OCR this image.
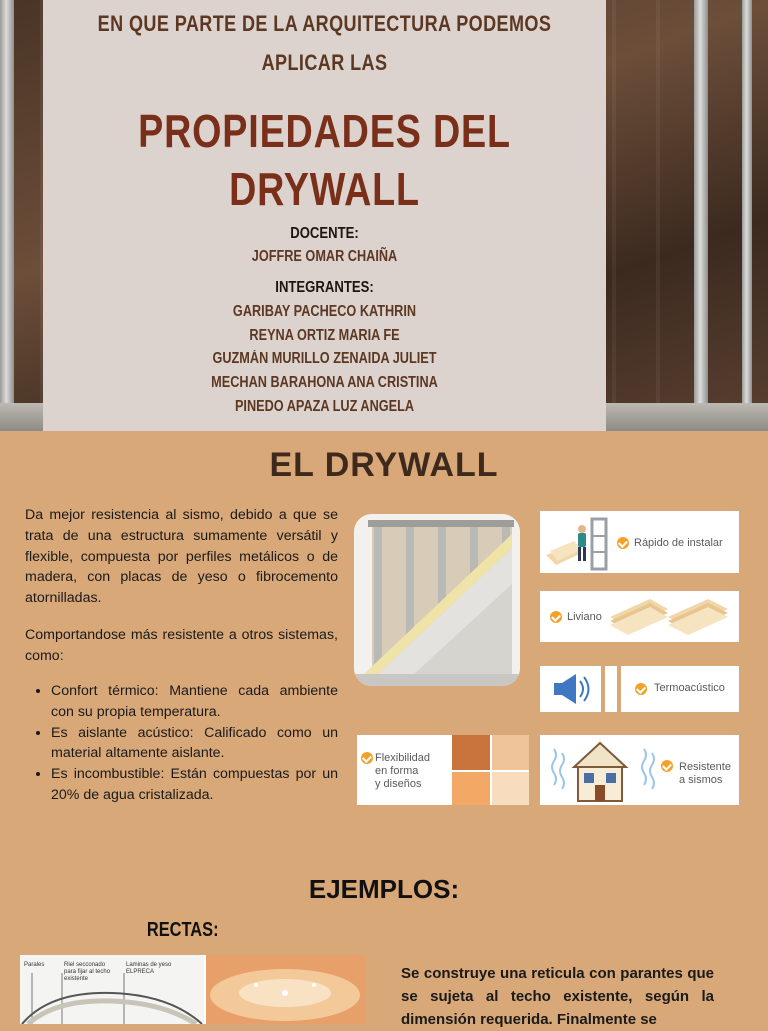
EN QUE PARTE DE LA ARQUITECTURA PODEMOS
APLICAR LAS
PROPIEDADES DEL
DRYWALL
DOCENTE:
JOFFRE OMAR CHAIÑA
INTEGRANTES:
GARIBAY PACHECO KATHRIN
REYNA ORTIZ MARIA FE
GUZMÁN MURILLO ZENAIDA JULIET
MECHAN BARAHONA ANA CRISTINA
PINEDO APAZA LUZ ANGELA
EL DRYWALL

Da mejor resistencia al sismo, debido a que se trata de una estructura sumamente versátil y flexible, compuesta por perfiles metálicos o de madera, con placas de yeso o fibrocemento atornilladas.

Comportandose más resistente a otros sistemas, como:

• Confort térmico: Mantiene cada ambiente con su propia temperatura.
• Es aislante acústico: Calificado como un material altamente aislante.
• Es incombustible: Están compuestas por un 20% de agua cristalizada.
Rápido de instalar
Liviano
Termoacústico
Flexibilidad
en forma
y diseños
Resistente
a sismos
EJEMPLOS:
RECTAS:
Parales	Riel secconado para fijar al techo existente
Laminas de yeso ELPRECA	Se construye una reticula con parantes que se sujeta al techo existente, según la dimensión requerida. Finalmente se
